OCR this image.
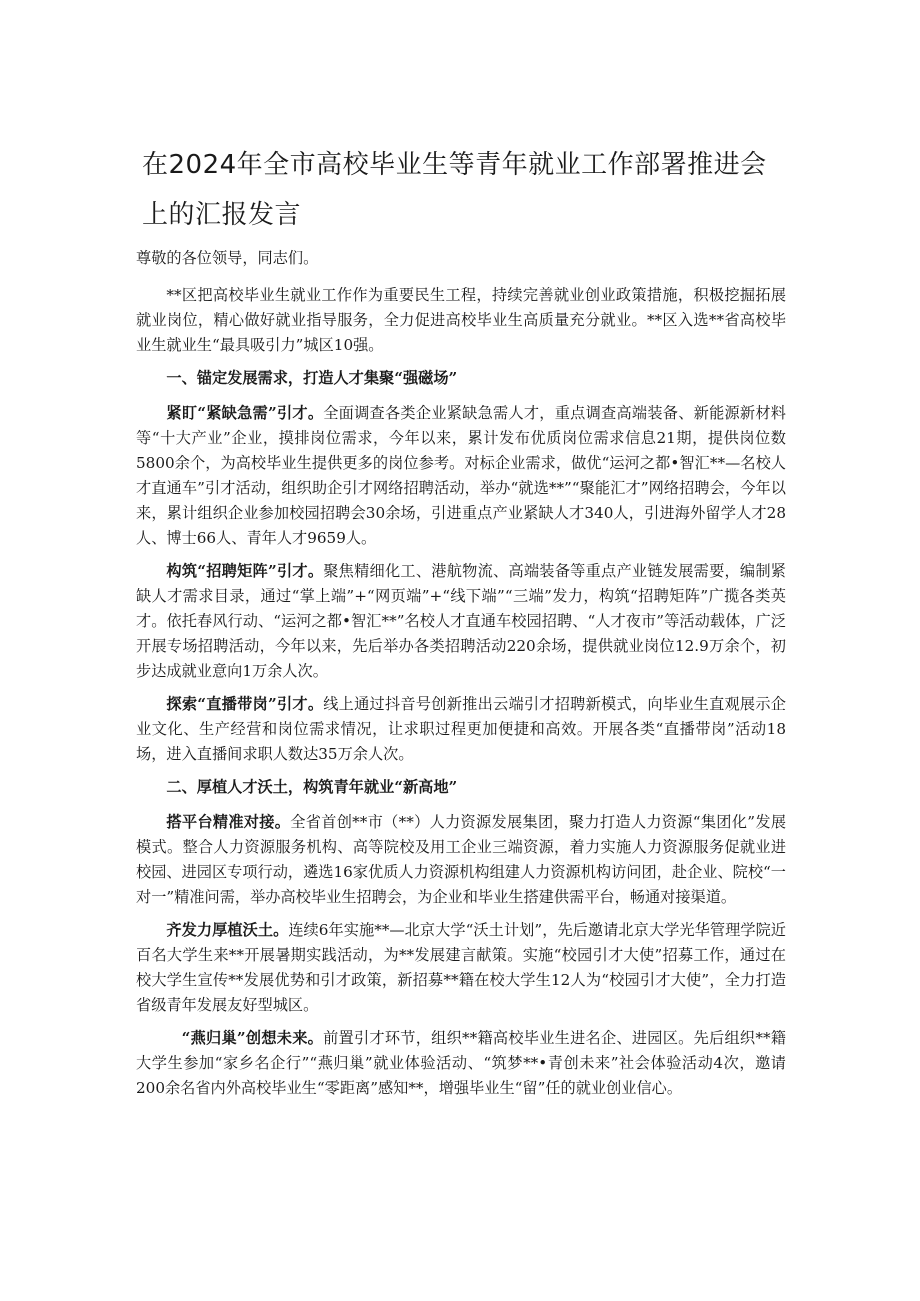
在2024年全市高校毕业生等青年就业工作部署推进会上的汇报发言

尊敬的各位领导，同志们。

**区把高校毕业生就业工作作为重要民生工程，持续完善就业创业政策措施，积极挖掘拓展就业岗位，精心做好就业指导服务，全力促进高校毕业生高质量充分就业。**区入选**省高校毕业生就业生“最具吸引力”城区10强。

一、锚定发展需求，打造人才集聚“强磁场”

紧盯“紧缺急需”引才。全面调查各类企业紧缺急需人才，重点调查高端装备、新能源新材料等“十大产业”企业，摸排岗位需求，今年以来，累计发布优质岗位需求信息21期，提供岗位数5800余个，为高校毕业生提供更多的岗位参考。对标企业需求，做优“运河之都•智汇**—名校人才直通车”引才活动，组织助企引才网络招聘活动，举办“就选**”“聚能汇才”网络招聘会，今年以来，累计组织企业参加校园招聘会30余场，引进重点产业紧缺人才340人，引进海外留学人才28人、博士66人、青年人才9659人。

构筑“招聘矩阵”引才。聚焦精细化工、港航物流、高端装备等重点产业链发展需要，编制紧缺人才需求目录，通过“掌上端”+“网页端”+“线下端”“三端”发力，构筑“招聘矩阵”广揽各类英才。依托春风行动、“运河之都•智汇**”名校人才直通车校园招聘、“人才夜市”等活动载体，广泛开展专场招聘活动，今年以来，先后举办各类招聘活动220余场，提供就业岗位12.9万余个，初步达成就业意向1万余人次。

探索“直播带岗”引才。线上通过抖音号创新推出云端引才招聘新模式，向毕业生直观展示企业文化、生产经营和岗位需求情况，让求职过程更加便捷和高效。开展各类“直播带岗”活动18场，进入直播间求职人数达35万余人次。

二、厚植人才沃土，构筑青年就业“新高地”

搭平台精准对接。全省首创**市（**）人力资源发展集团，聚力打造人力资源“集团化”发展模式。整合人力资源服务机构、高等院校及用工企业三端资源，着力实施人力资源服务促就业进校园、进园区专项行动，遴选16家优质人力资源机构组建人力资源机构访问团，赴企业、院校“一对一”精准问需，举办高校毕业生招聘会，为企业和毕业生搭建供需平台，畅通对接渠道。

齐发力厚植沃土。连续6年实施**—北京大学“沃土计划”，先后邀请北京大学光华管理学院近百名大学生来**开展暑期实践活动，为**发展建言献策。实施“校园引才大使”招募工作，通过在校大学生宣传**发展优势和引才政策，新招募**籍在校大学生12人为“校园引才大使”，全力打造省级青年发展友好型城区。

“燕归巢”创想未来。前置引才环节，组织**籍高校毕业生进名企、进园区。先后组织**籍大学生参加“家乡名企行”“燕归巢”就业体验活动、“筑梦**•青创未来”社会体验活动4次，邀请200余名省内外高校毕业生“零距离”感知**，增强毕业生“留”任的就业创业信心。
